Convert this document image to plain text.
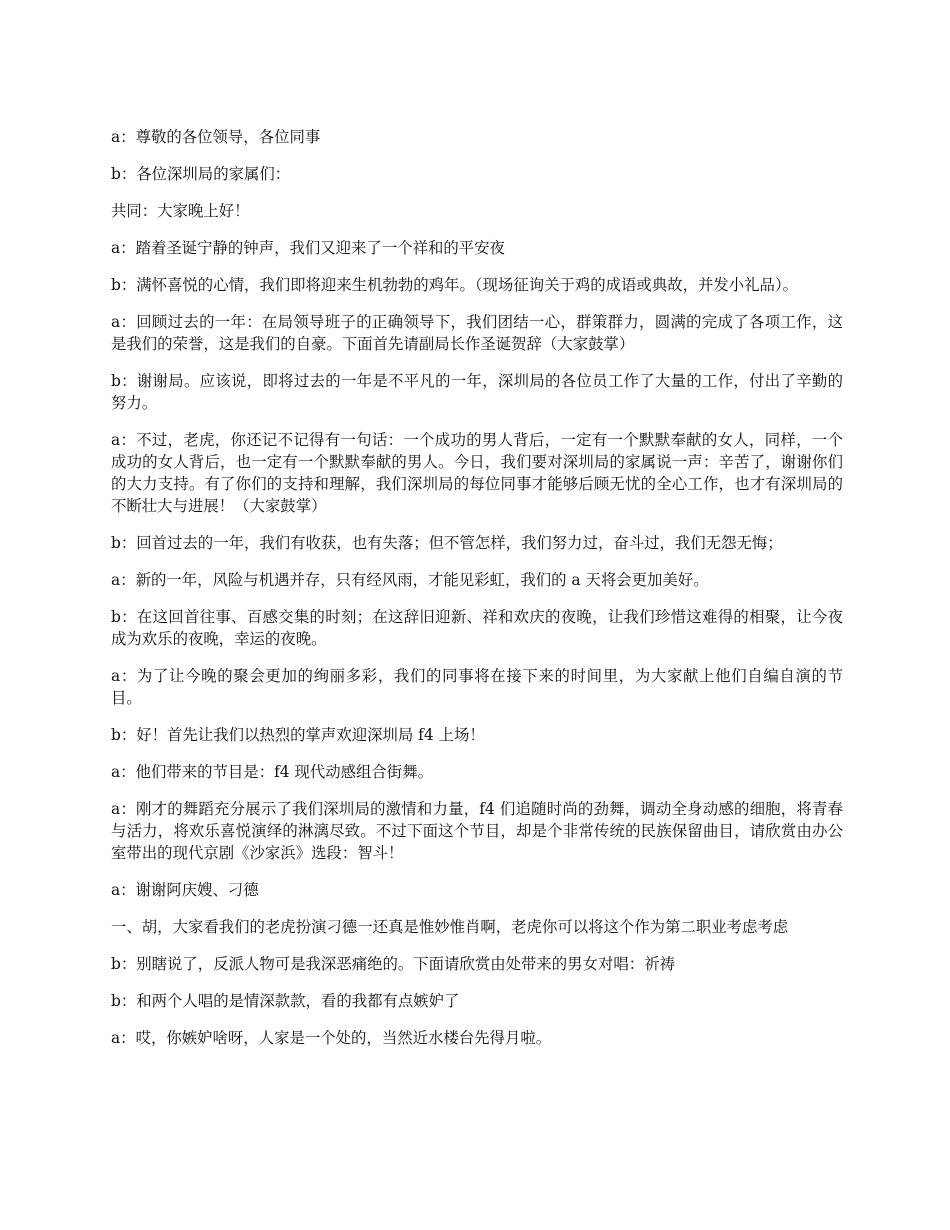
a：尊敬的各位领导，各位同事

b：各位深圳局的家属们：

共同：大家晚上好！

a：踏着圣诞宁静的钟声，我们又迎来了一个祥和的平安夜

b：满怀喜悦的心情，我们即将迎来生机勃勃的鸡年。（现场征询关于鸡的成语或典故，并发小礼品）。

a：回顾过去的一年：在局领导班子的正确领导下，我们团结一心，群策群力，圆满的完成了各项工作，这是我们的荣誉，这是我们的自豪。下面首先请副局长作圣诞贺辞（大家鼓掌）

b：谢谢局。应该说，即将过去的一年是不平凡的一年，深圳局的各位员工作了大量的工作，付出了辛勤的努力。

a：不过，老虎，你还记不记得有一句话：一个成功的男人背后，一定有一个默默奉献的女人，同样，一个成功的女人背后，也一定有一个默默奉献的男人。今日，我们要对深圳局的家属说一声：辛苦了，谢谢你们的大力支持。有了你们的支持和理解，我们深圳局的每位同事才能够后顾无忧的全心工作，也才有深圳局的不断壮大与进展！（大家鼓掌）

b：回首过去的一年，我们有收获，也有失落；但不管怎样，我们努力过，奋斗过，我们无怨无悔；

a：新的一年，风险与机遇并存，只有经风雨，才能见彩虹，我们的 a 天将会更加美好。

b：在这回首往事、百感交集的时刻；在这辞旧迎新、祥和欢庆的夜晚，让我们珍惜这难得的相聚，让今夜成为欢乐的夜晚，幸运的夜晚。

a：为了让今晚的聚会更加的绚丽多彩，我们的同事将在接下来的时间里，为大家献上他们自编自演的节目。

b：好！首先让我们以热烈的掌声欢迎深圳局 f4 上场！

a：他们带来的节目是：f4 现代动感组合街舞。

a：刚才的舞蹈充分展示了我们深圳局的激情和力量，f4 们追随时尚的劲舞，调动全身动感的细胞，将青春与活力，将欢乐喜悦演绎的淋漓尽致。不过下面这个节目，却是个非常传统的民族保留曲目，请欣赏由办公室带出的现代京剧《沙家浜》选段：智斗！

a：谢谢阿庆嫂、刁德

一、胡，大家看我们的老虎扮演刁德一还真是惟妙惟肖啊，老虎你可以将这个作为第二职业考虑考虑

b：别瞎说了，反派人物可是我深恶痛绝的。下面请欣赏由处带来的男女对唱：祈祷

b：和两个人唱的是情深款款，看的我都有点嫉妒了

a：哎，你嫉妒啥呀，人家是一个处的，当然近水楼台先得月啦。
